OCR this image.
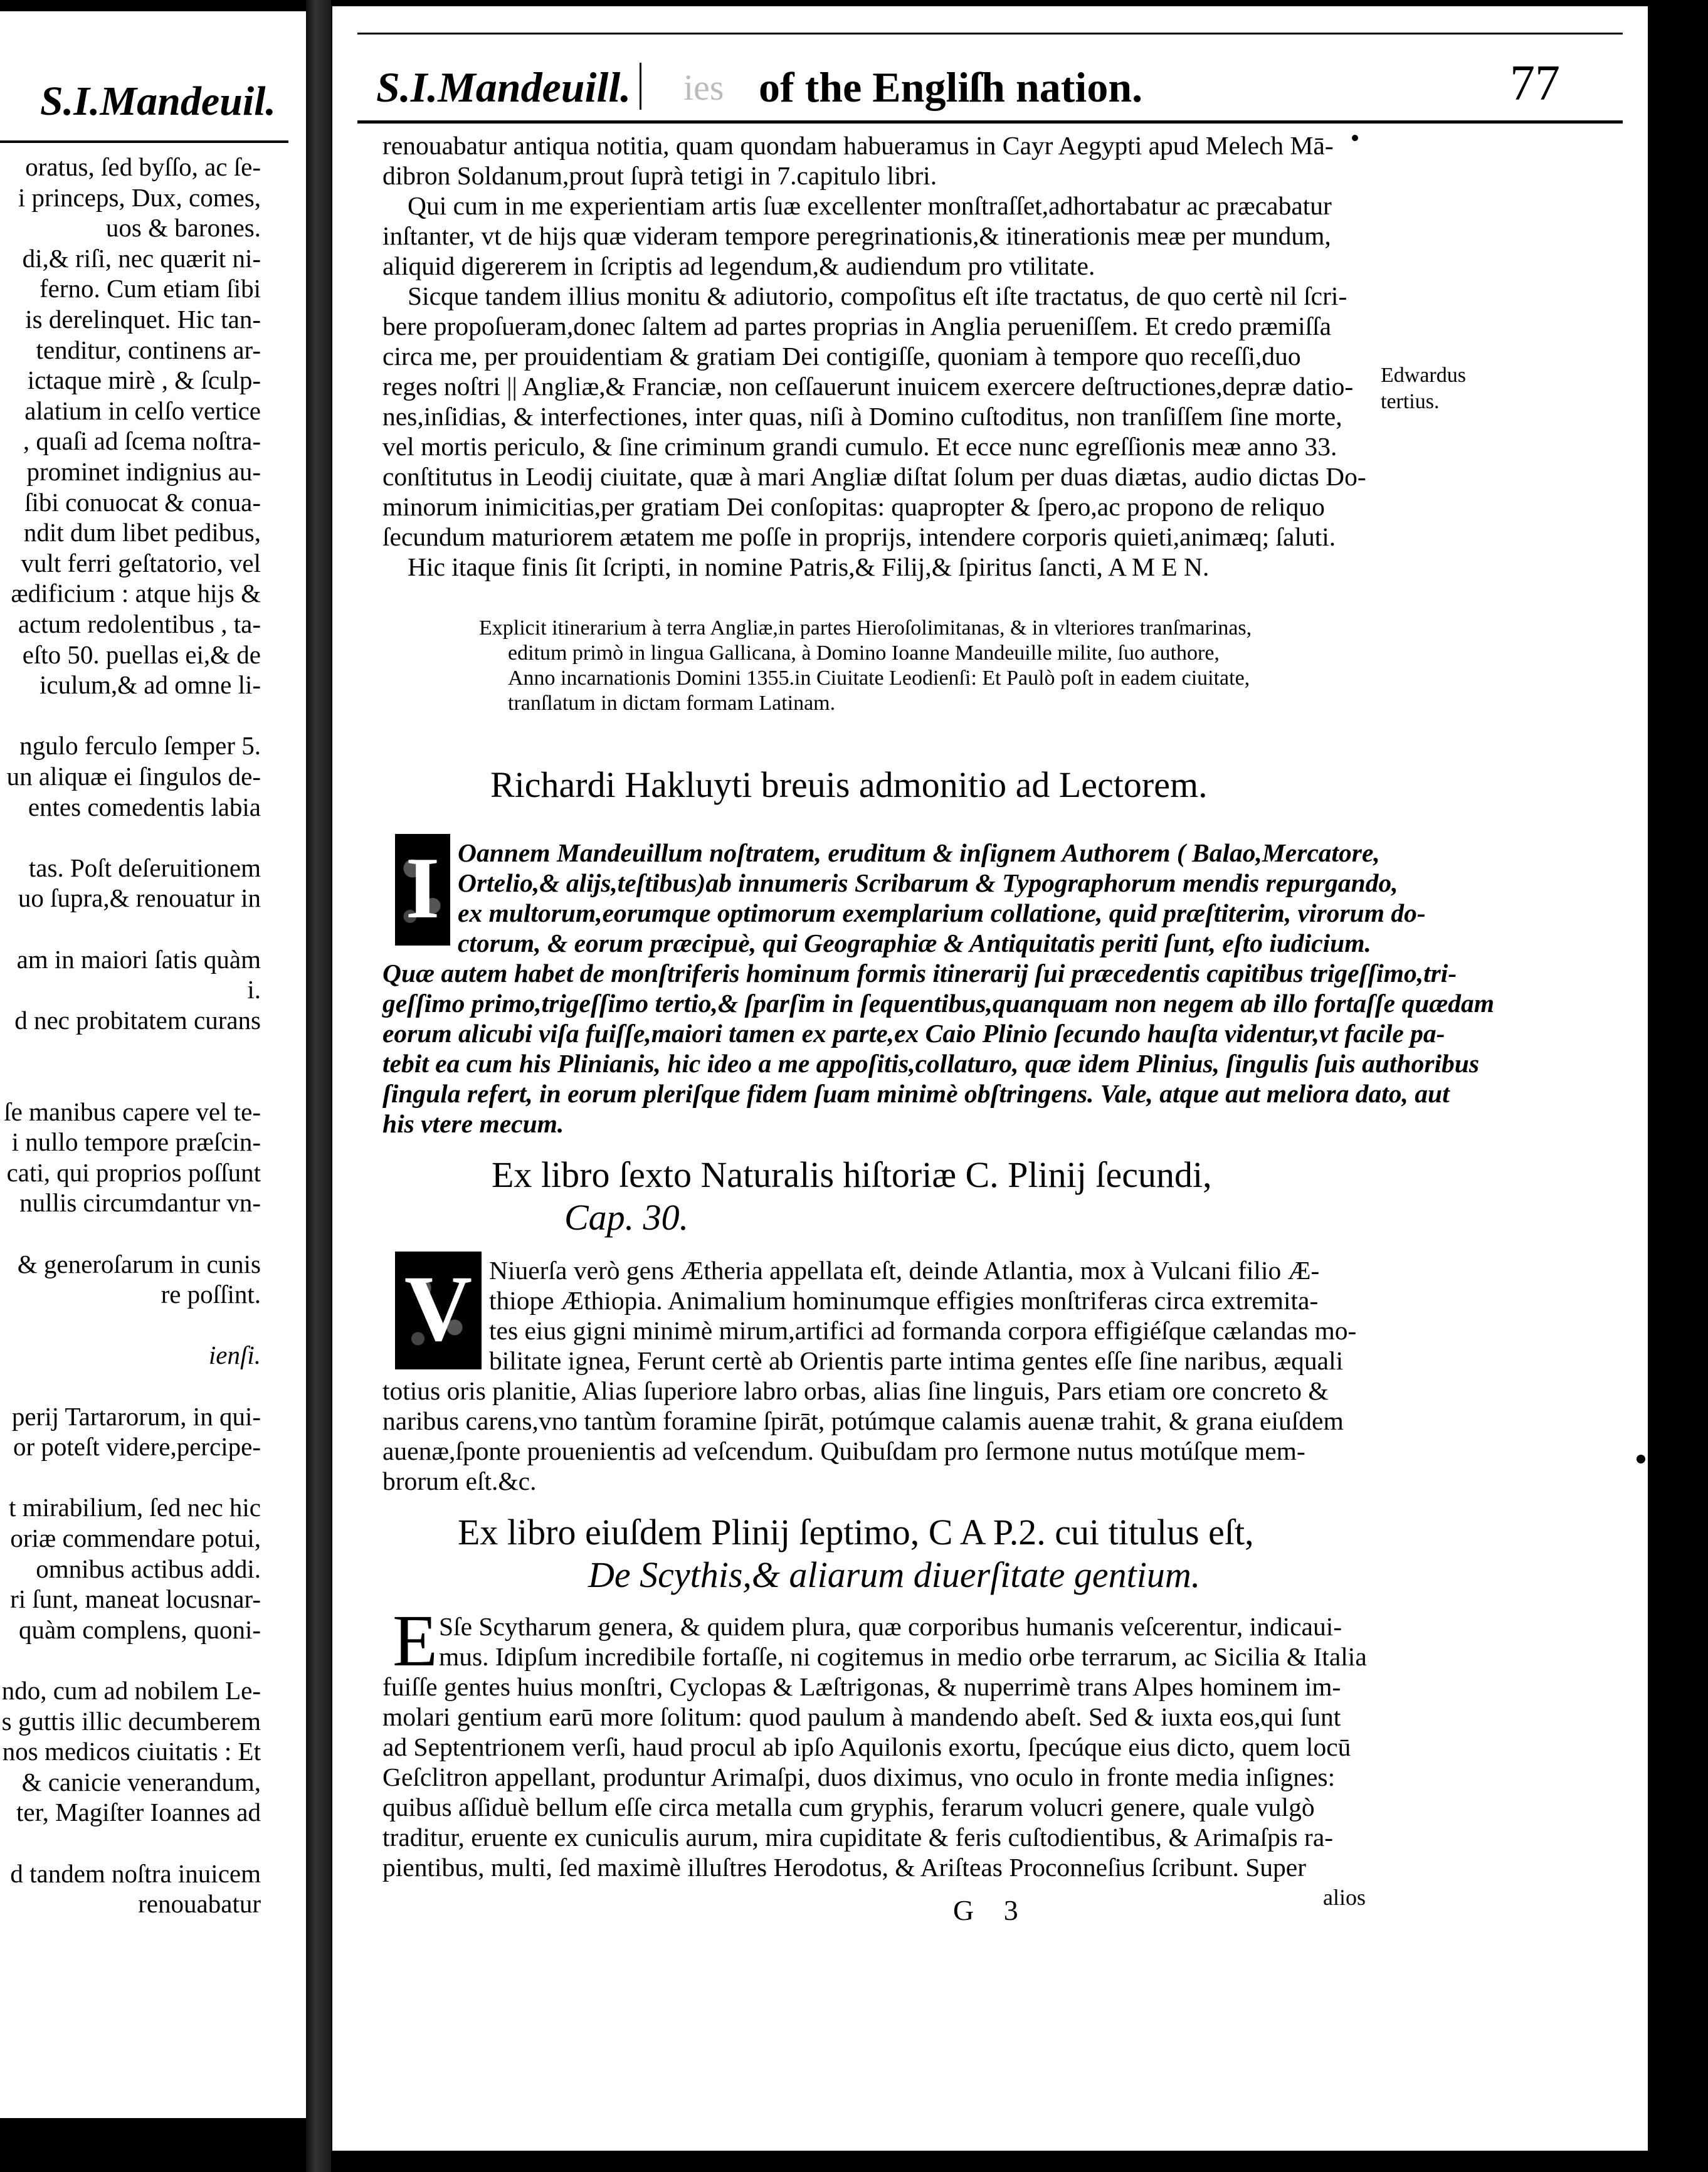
S.I.Mandeuil.
oratus, ſed byſſo, ac ſe-
i princeps, Dux, comes,
uos & barones.
di,& riſi, nec quærit ni-
ferno. Cum etiam ſibi
is derelinquet. Hic tan-
tenditur, continens ar-
ictaque mirè , & ſculp-
alatium in celſo vertice
, quaſi ad ſcema noſtra-
prominet indignius au-
ſibi conuocat & conua-
ndit dum libet pedibus,
vult ferri geſtatorio, vel
ædificium : atque hijs &
actum redolentibus , ta-
eſto 50. puellas ei,& de
iculum,& ad omne li-
ngulo ferculo ſemper 5.
un aliquæ ei ſingulos de-
entes comedentis labia
tas. Poſt deſeruitionem
uo ſupra,& renouatur in
am in maiori ſatis quàm
i.
d nec probitatem curans
ſe manibus capere vel te-
i nullo tempore præſcin-
cati, qui proprios poſſunt
nullis circumdantur vn-
& generoſarum in cunis
re poſſint.
ienſi.
perij Tartarorum, in qui-
or poteſt videre,percipe-
t mirabilium, ſed nec hic
oriæ commendare potui,
omnibus actibus addi.
ri ſunt, maneat locusnar-
quàm complens, quoni-
ndo, cum ad nobilem Le-
s guttis illic decumberem
nos medicos ciuitatis : Et
& canicie venerandum,
ter, Magiſter Ioannes ad
d tandem noſtra inuicem
renouabatur
S.I.Mandeuill. ies of the Engliſh nation.	77
renouabatur antiqua notitia, quam quondam habueramus in Cayr Aegypti apud Melech Mā-
dibron Soldanum,prout ſuprà tetigi in 7.capitulo libri.
Qui cum in me experientiam artis ſuæ excellenter monſtraſſet,adhortabatur ac præcabatur
inſtanter, vt de hijs quæ videram tempore peregrinationis,& itinerationis meæ per mundum,
aliquid digererem in ſcriptis ad legendum,& audiendum pro vtilitate.
Sicque tandem illius monitu & adiutorio, compoſitus eſt iſte tractatus, de quo certè nil ſcri-
bere propoſueram,donec ſaltem ad partes proprias in Anglia perueniſſem. Et credo præmiſſa
circa me, per prouidentiam & gratiam Dei contigiſſe, quoniam à tempore quo receſſi,duo
reges noſtri || Angliæ,& Franciæ, non ceſſauerunt inuicem exercere deſtructiones,depræ datio-
nes,inſidias, & interfectiones, inter quas, niſi à Domino cuſtoditus, non tranſiſſem ſine morte,
vel mortis periculo, & ſine criminum grandi cumulo. Et ecce nunc egreſſionis meæ anno 33.
conſtitutus in Leodij ciuitate, quæ à mari Angliæ diſtat ſolum per duas diætas, audio dictas Do-
minorum inimicitias,per gratiam Dei conſopitas: quapropter & ſpero,ac propono de reliquo
ſecundum maturiorem ætatem me poſſe in proprijs, intendere corporis quieti,animæq; ſaluti.
Hic itaque finis ſit ſcripti, in nomine Patris,& Filij,& ſpiritus ſancti, A M E N.
Edwardus
tertius.
Explicit itinerarium à terra Angliæ,in partes Hieroſolimitanas, & in vlteriores tranſmarinas,
editum primò in lingua Gallicana, à Domino Ioanne Mandeuille milite, ſuo authore,
Anno incarnationis Domini 1355.in Ciuitate Leodienſi: Et Paulò poſt in eadem ciuitate,
tranſlatum in dictam formam Latinam.
Richardi Hakluyti breuis admonitio ad Lectorem.
I Oannem Mandeuillum noſtratem, eruditum & inſignem Authorem ( Balao,Mercatore,
Ortelio,& alijs,teſtibus)ab innumeris Scribarum & Typographorum mendis repurgando,
ex multorum,eorumque optimorum exemplarium collatione, quid præſtiterim, virorum do-
ctorum, & eorum præcipuè, qui Geographiæ & Antiquitatis periti ſunt, eſto iudicium.
Quæ autem habet de monſtriferis hominum formis itinerarij ſui præcedentis capitibus trigeſſimo,tri-
geſſimo primo,trigeſſimo tertio,& ſparſim in ſequentibus,quanquam non negem ab illo fortaſſe quædam
eorum alicubi viſa fuiſſe,maiori tamen ex parte,ex Caio Plinio ſecundo hauſta videntur,vt facile pa-
tebit ea cum his Plinianis, hic ideo a me appoſitis,collaturo, quæ idem Plinius, ſingulis ſuis authoribus
ſingula refert, in eorum pleriſque fidem ſuam minimè obſtringens. Vale, atque aut meliora dato, aut
his vtere mecum.
Ex libro ſexto Naturalis hiſtoriæ C. Plinij ſecundi,
Cap. 30.
V Niuerſa verò gens Ætheria appellata eſt, deinde Atlantia, mox à Vulcani filio Æ-
thiope Æthiopia. Animalium hominumque effigies monſtriferas circa extremita-
tes eius gigni minimè mirum,artifici ad formanda corpora effigiéſque cælandas mo-
bilitate ignea, Ferunt certè ab Orientis parte intima gentes eſſe ſine naribus, æquali
totius oris planitie, Alias ſuperiore labro orbas, alias ſine linguis, Pars etiam ore concreto &
naribus carens,vno tantùm foramine ſpirāt, potúmque calamis auenæ trahit, & grana eiuſdem
auenæ,ſponte prouenientis ad veſcendum. Quibuſdam pro ſermone nutus motúſque mem-
brorum eſt.&c.
Ex libro eiuſdem Plinij ſeptimo, C A P.2. cui titulus eſt,
De Scythis,& aliarum diuerſitate gentium.
E Sſe Scytharum genera, & quidem plura, quæ corporibus humanis veſcerentur, indicaui-
mus. Idipſum incredibile fortaſſe, ni cogitemus in medio orbe terrarum, ac Sicilia & Italia
fuiſſe gentes huius monſtri, Cyclopas & Læſtrigonas, & nuperrimè trans Alpes hominem im-
molari gentium earū more ſolitum: quod paulum à mandendo abeſt. Sed & iuxta eos,qui ſunt
ad Septentrionem verſi, haud procul ab ipſo Aquilonis exortu, ſpecúque eius dicto, quem locū
Geſclitron appellant, produntur Arimaſpi, duos diximus, vno oculo in fronte media inſignes:
quibus aſſiduè bellum eſſe circa metalla cum gryphis, ferarum volucri genere, quale vulgò
traditur, eruente ex cuniculis aurum, mira cupiditate & feris cuſtodientibus, & Arimaſpis ra-
pientibus, multi, ſed maximè illuſtres Herodotus, & Ariſteas Proconneſius ſcribunt. Super
alios
G 3
